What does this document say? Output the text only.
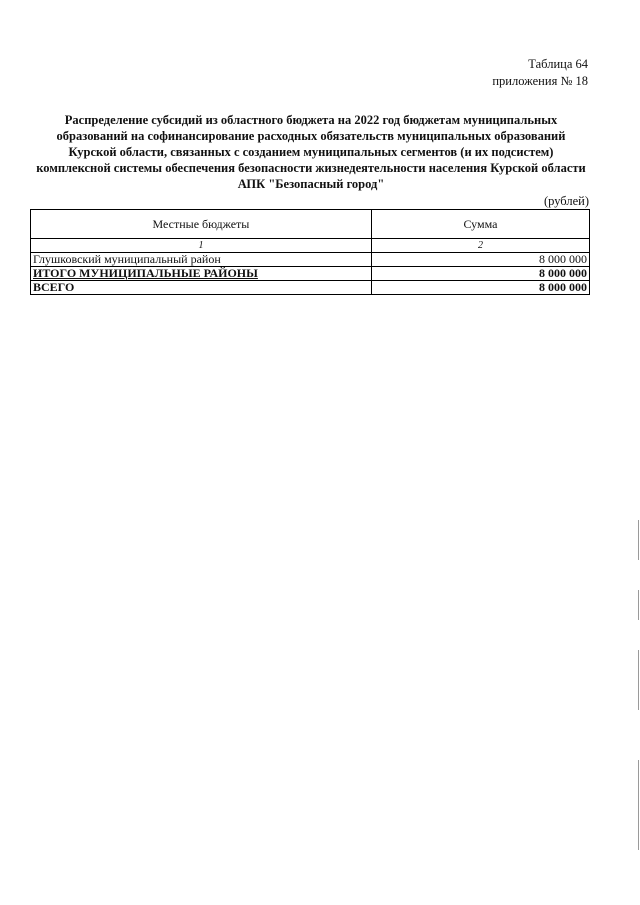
Таблица 64
приложения № 18
Распределение субсидий из областного бюджета на 2022 год бюджетам муниципальных
образований на софинансирование расходных обязательств муниципальных образований
Курской области, связанных с созданием муниципальных сегментов (и их подсистем)
комплексной системы обеспечения безопасности жизнедеятельности населения Курской области
АПК "Безопасный город"
(рублей)
Местные бюджеты	Сумма
1	2
Глушковский муниципальный район	8 000 000
ИТОГО МУНИЦИПАЛЬНЫЕ РАЙОНЫ	8 000 000
ВСЕГО	8 000 000
